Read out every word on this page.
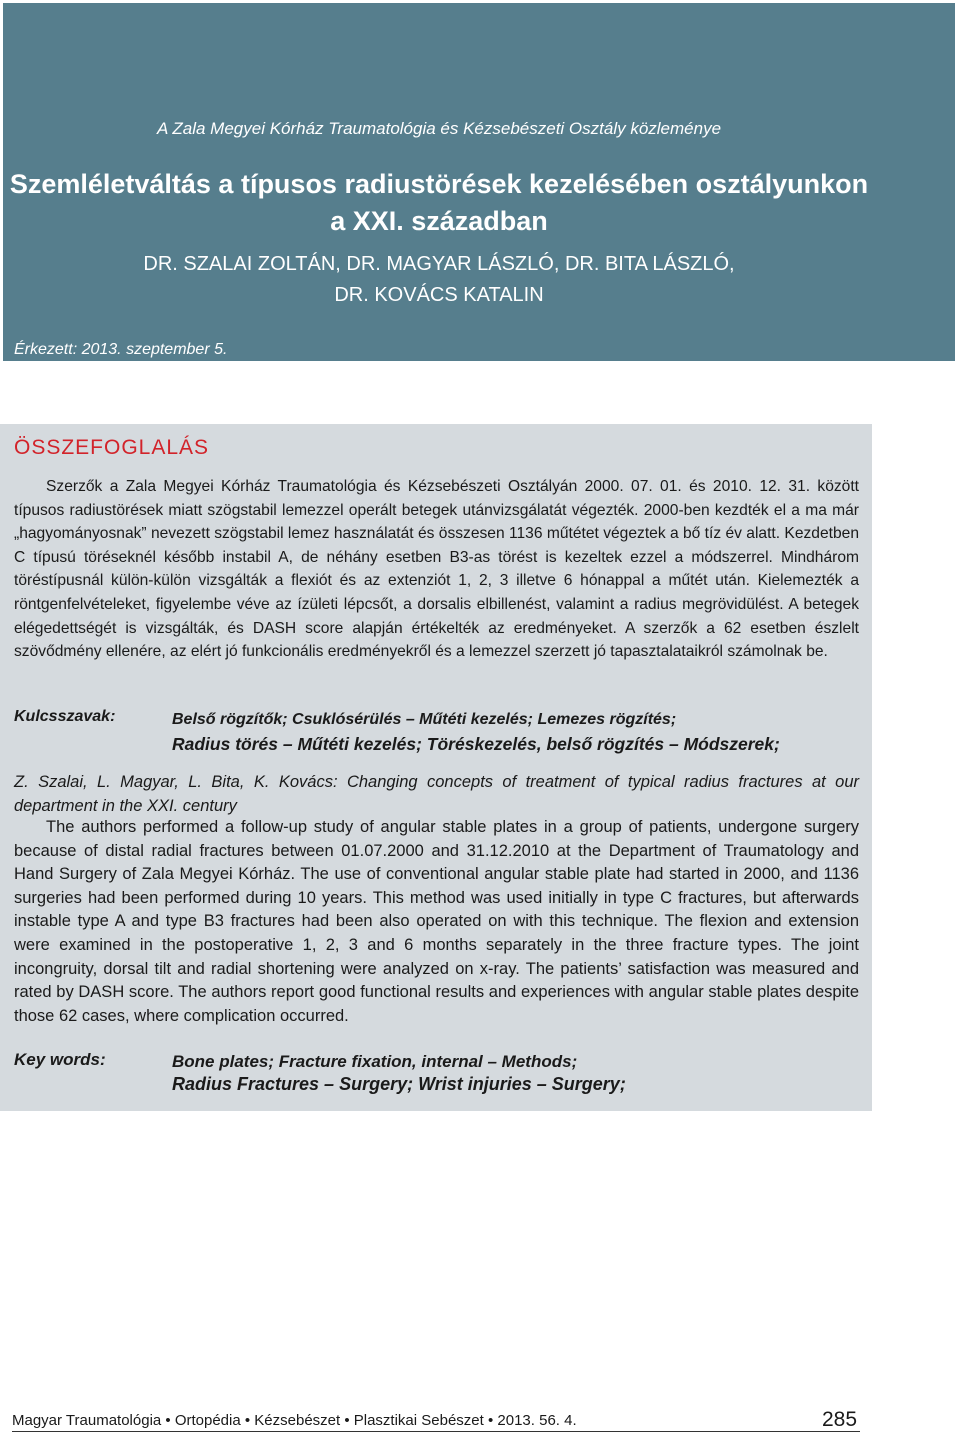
A Zala Megyei Kórház Traumatológia és Kézsebészeti Osztály közleménye
Szemléletváltás a típusos radiustörések kezelésében osztályunkon
a XXI. században
DR. SZALAI ZOLTÁN, DR. MAGYAR LÁSZLÓ, DR. BITA LÁSZLÓ,
DR. KOVÁCS KATALIN
Érkezett: 2013. szeptember 5.
ÖSSZEFOGLALÁS

Szerzők a Zala Megyei Kórház Traumatológia és Kézsebészeti Osztályán 2000. 07. 01. és 2010. 12. 31. között típusos radiustörések miatt szögstabil lemezzel operált betegek utánvizsgálatát végezték. 2000-ben kezdték el a ma már „hagyományosnak” nevezett szögstabil lemez használatát és összesen 1136 műtétet végeztek a bő tíz év alatt. Kezdetben C típusú töréseknél később instabil A, de néhány esetben B3-as törést is kezeltek ezzel a módszerrel. Mindhárom töréstípusnál külön-külön vizsgálták a flexiót és az extenziót 1, 2, 3 illetve 6 hónappal a műtét után. Kielemezték a röntgenfelvételeket, figyelembe véve az ízületi lépcsőt, a dorsalis elbillenést, valamint a radius megrövidülést. A betegek elégedettségét is vizsgálták, és DASH score alapján értékelték az eredményeket. A szerzők a 62 esetben észlelt szövődmény ellenére, az elért jó funkcionális eredményekről és a lemezzel szerzett jó tapasztalataikról számolnak be.

Kulcsszavak:	Belső rögzítők; Csuklósérülés – Műtéti kezelés; Lemezes rögzítés;
Radius törés – Műtéti kezelés; Töréskezelés, belső rögzítés – Módszerek;
Z. Szalai, L. Magyar, L. Bita, K. Kovács: Changing concepts of treatment of typical radius fractures at our department in the XXI. century

The authors performed a follow-up study of angular stable plates in a group of patients, undergone surgery because of distal radial fractures between 01.07.2000 and 31.12.2010 at the Department of Traumatology and Hand Surgery of Zala Megyei Kórház. The use of conventional angular stable plate had started in 2000, and 1136 surgeries had been performed during 10 years. This method was used initially in type C fractures, but afterwards instable type A and type B3 fractures had been also operated on with this technique. The flexion and extension were examined in the postoperative 1, 2, 3 and 6 months separately in the three fracture types. The joint incongruity, dorsal tilt and radial shortening were analyzed on x-ray. The patients’ satisfaction was measured and rated by DASH score. The authors report good functional results and experiences with angular stable plates despite those 62 cases, where complication occurred.

Key words:	Bone plates; Fracture fixation, internal – Methods;
Radius Fractures – Surgery; Wrist injuries – Surgery;
Magyar Traumatológia • Ortopédia • Kézsebészet • Plasztikai Sebészet • 2013. 56. 4.	285
